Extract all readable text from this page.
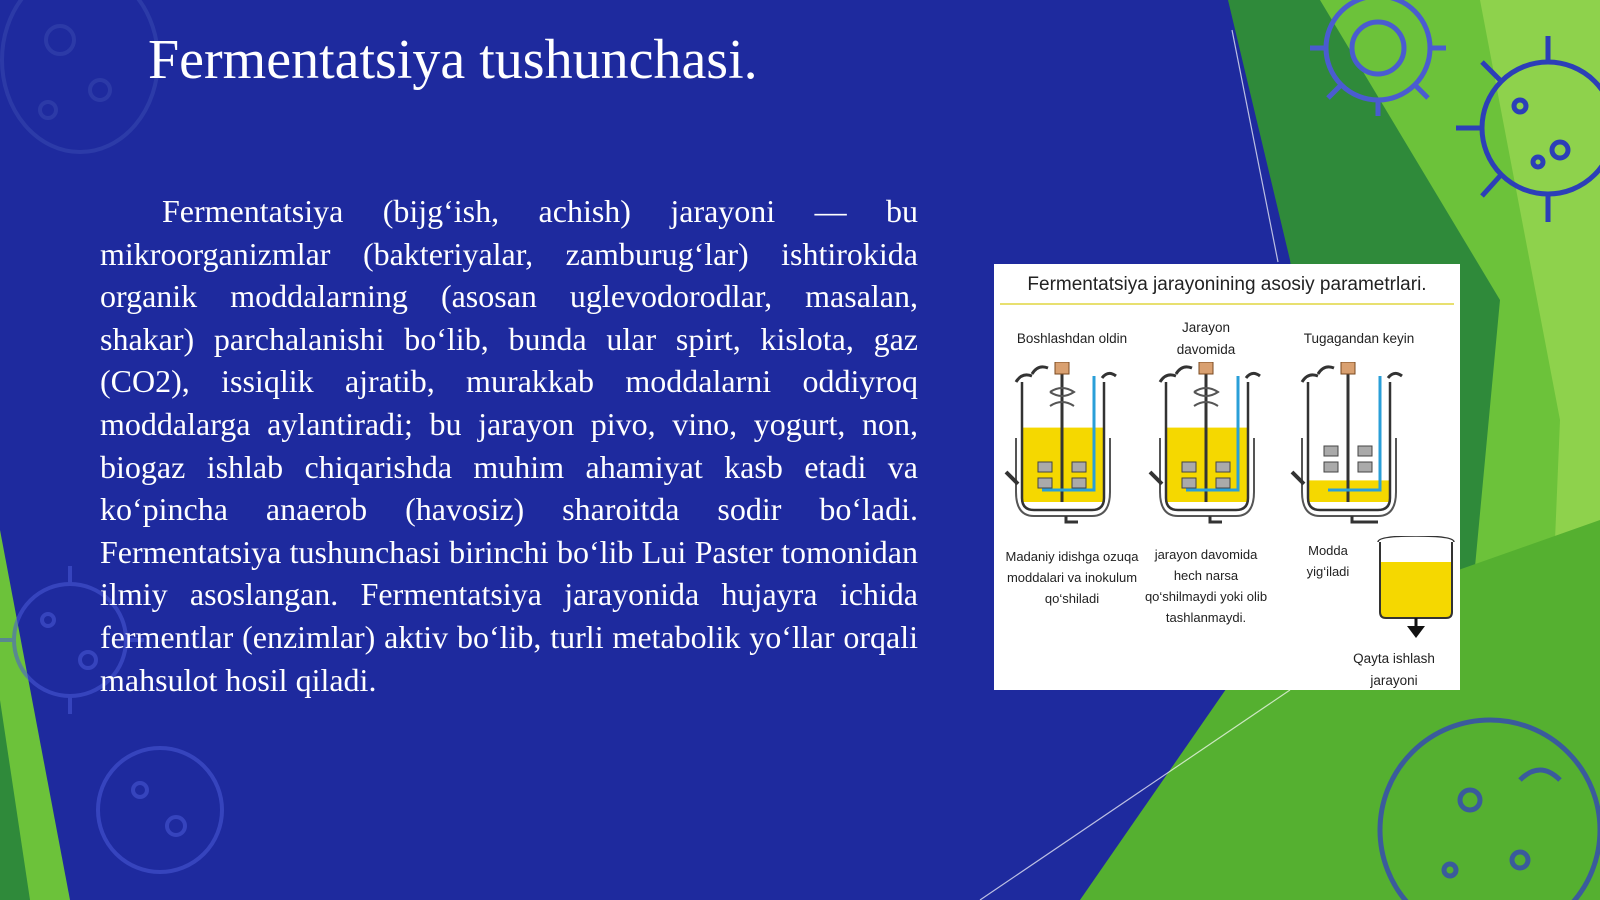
Fermentatsiya tushunchasi.

Fermentatsiya (bijg‘ish, achish) jarayoni — bu mikroorganizmlar (bakteriyalar, zamburug‘lar) ishtirokida organik moddalarning (asosan uglevodorodlar, masalan, shakar) parchalanishi bo‘lib, bunda ular spirt, kislota, gaz (CO2), issiqlik ajratib, murakkab moddalarni oddiyroq moddalarga aylantiradi; bu jarayon pivo, vino, yogurt, non, biogaz ishlab chiqarishda muhim ahamiyat kasb etadi va ko‘pincha anaerob (havosiz) sharoitda sodir bo‘ladi. Fermentatsiya tushunchasi birinchi bo‘lib Lui Paster tomonidan ilmiy asoslangan. Fermentatsiya jarayonida hujayra ichida fermentlar (enzimlar) aktiv bo‘lib, turli metabolik yo‘llar orqali mahsulot hosil qiladi.

Fermentatsiya jarayonining asosiy parametrlari.
Boshlashdan oldin
Jarayon davomida
Tugagandan keyin
Madaniy idishga ozuqa moddalari va inokulum qo‘shiladi
jarayon davomida hech narsa qo‘shilmaydi yoki olib tashlanmaydi.
Modda yig‘iladi
Qayta ishlash jarayoni
